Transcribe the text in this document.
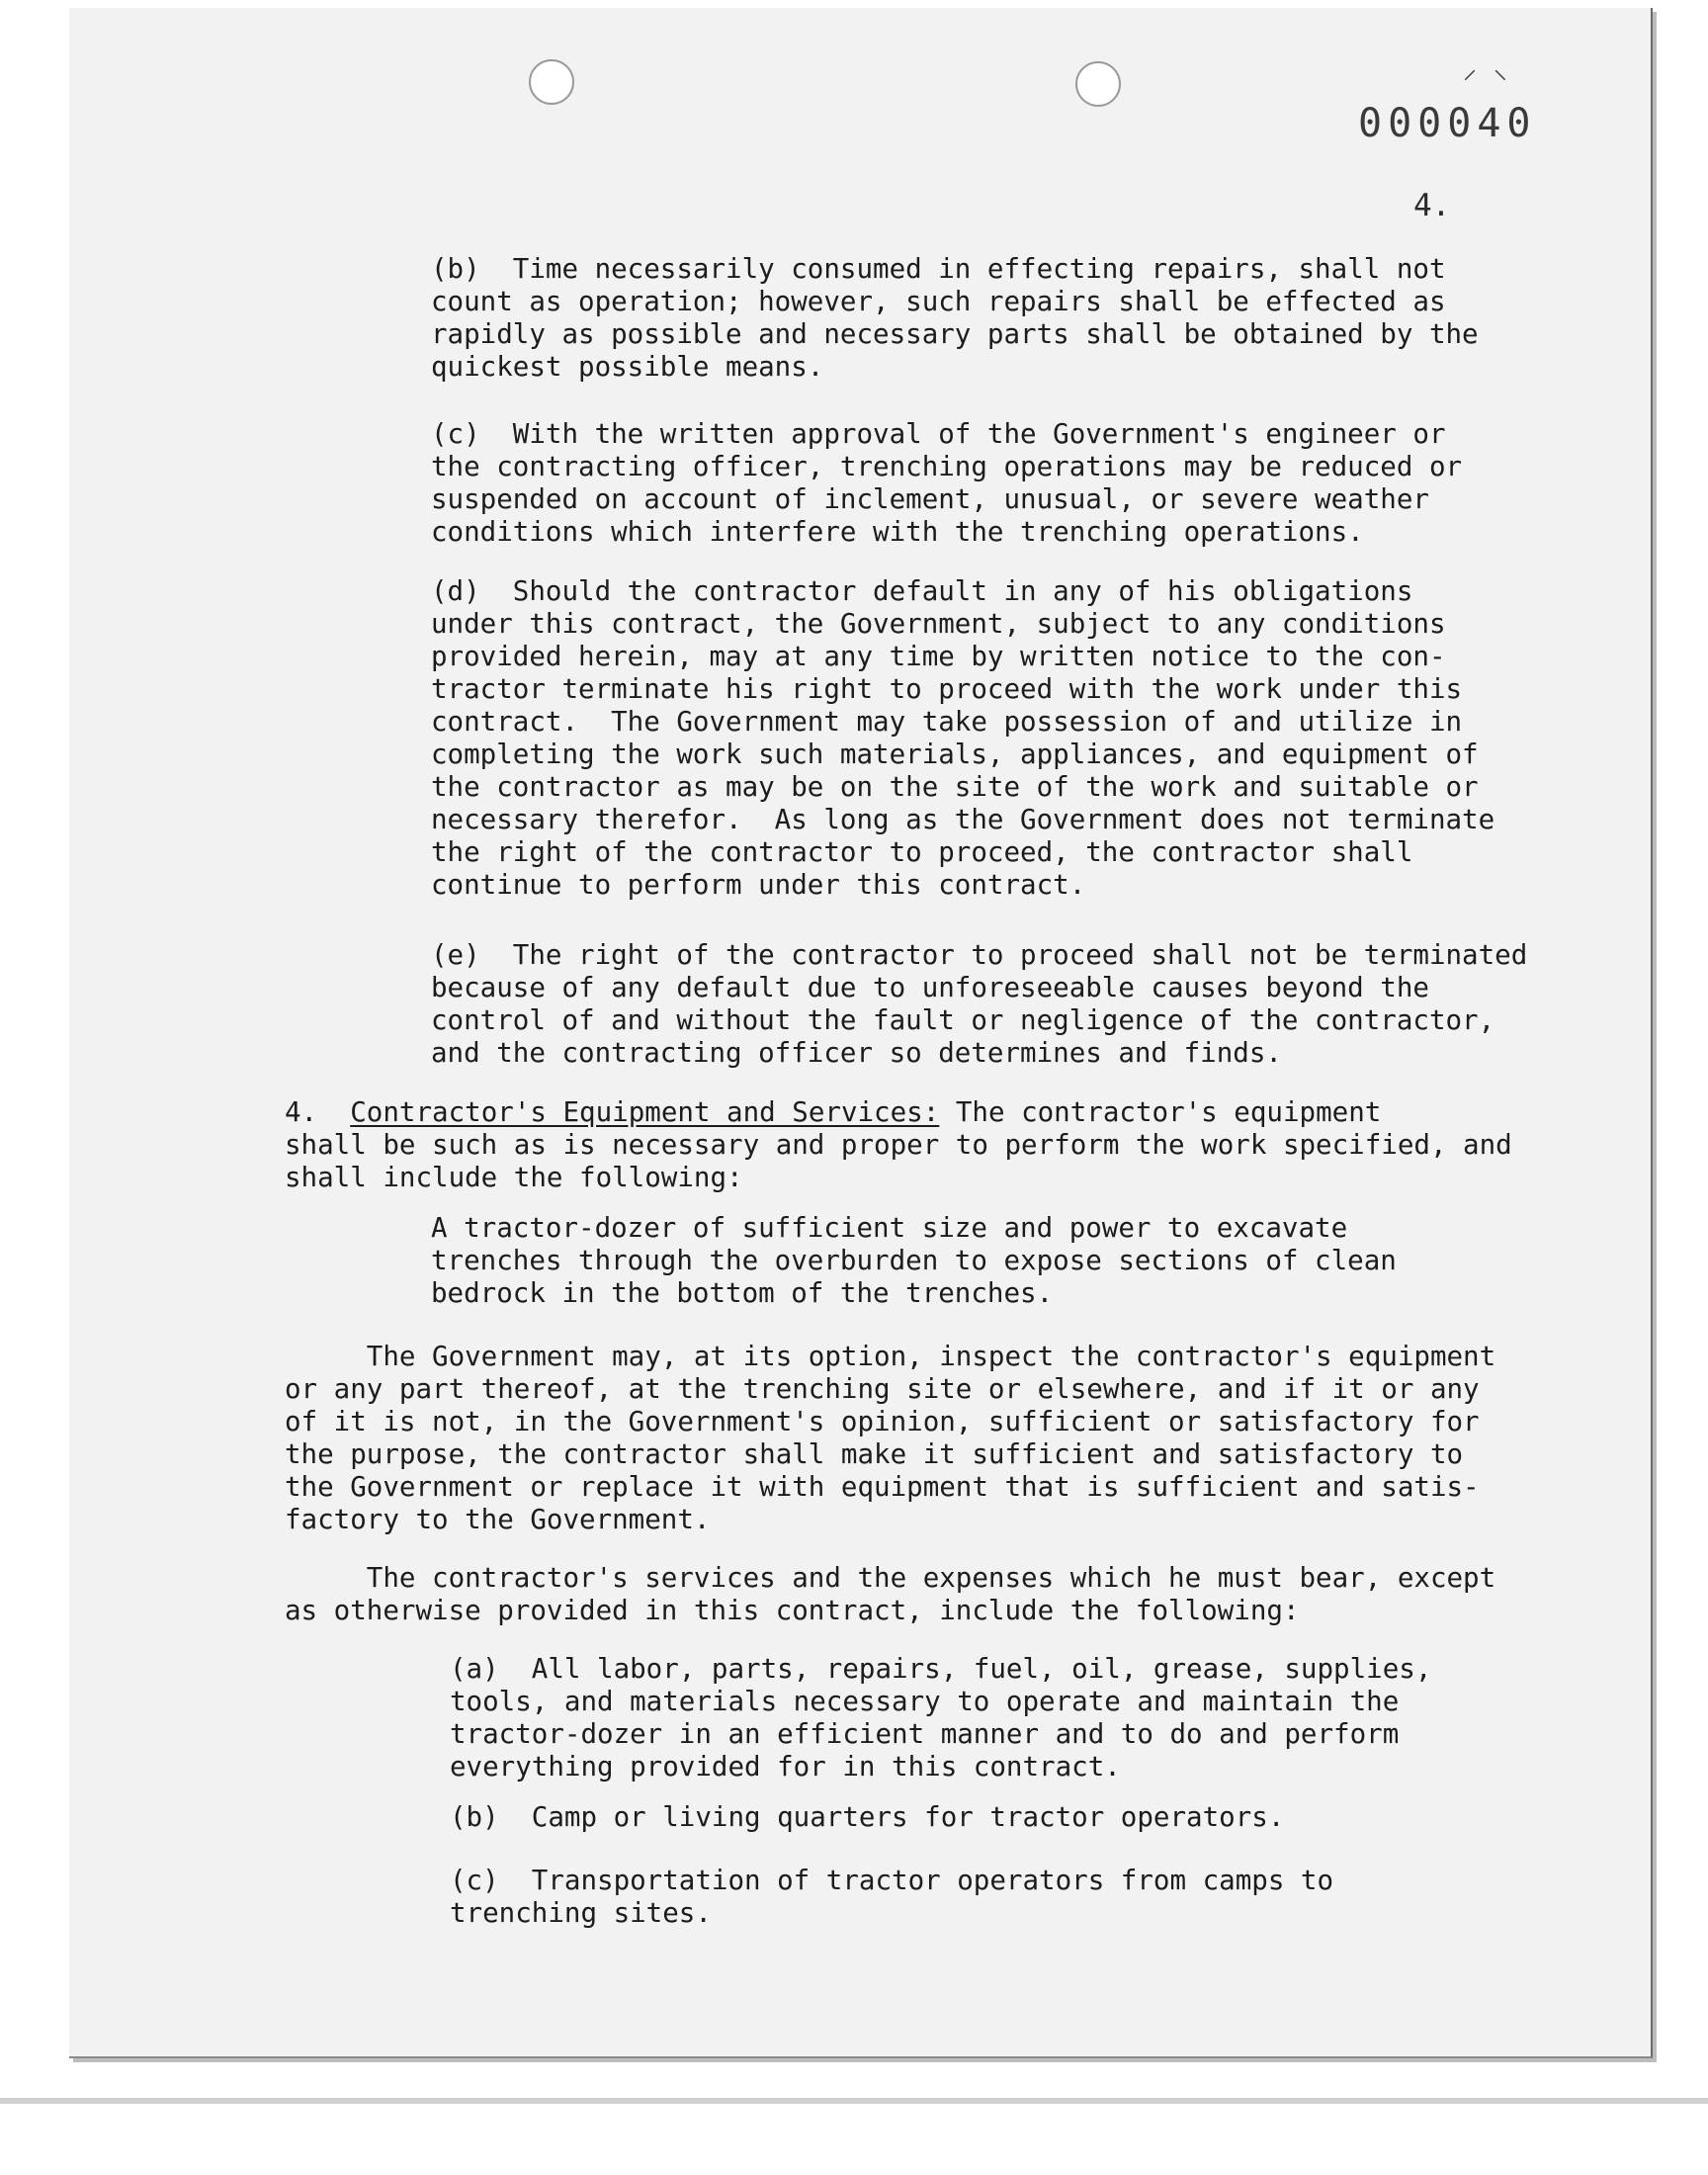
⸝ ⸜
000040
4.

(b)  Time necessarily consumed in effecting repairs, shall not

count as operation; however, such repairs shall be effected as

rapidly as possible and necessary parts shall be obtained by the

quickest possible means.

(c)  With the written approval of the Government's engineer or

the contracting officer, trenching operations may be reduced or

suspended on account of inclement, unusual, or severe weather

conditions which interfere with the trenching operations.

(d)  Should the contractor default in any of his obligations

under this contract, the Government, subject to any conditions

provided herein, may at any time by written notice to the con-

tractor terminate his right to proceed with the work under this

contract.  The Government may take possession of and utilize in

completing the work such materials, appliances, and equipment of

the contractor as may be on the site of the work and suitable or

necessary therefor.  As long as the Government does not terminate

the right of the contractor to proceed, the contractor shall

continue to perform under this contract.

(e)  The right of the contractor to proceed shall not be terminated

because of any default due to unforeseeable causes beyond the

control of and without the fault or negligence of the contractor,

and the contracting officer so determines and finds.

4. Contractor's Equipment and Services: The contractor's equipment

shall be such as is necessary and proper to perform the work specified, and

shall include the following:

A tractor-dozer of sufficient size and power to excavate

trenches through the overburden to expose sections of clean

bedrock in the bottom of the trenches.

The Government may, at its option, inspect the contractor's equipment

or any part thereof, at the trenching site or elsewhere, and if it or any

of it is not, in the Government's opinion, sufficient or satisfactory for

the purpose, the contractor shall make it sufficient and satisfactory to

the Government or replace it with equipment that is sufficient and satis-

factory to the Government.

The contractor's services and the expenses which he must bear, except

as otherwise provided in this contract, include the following:

(a)  All labor, parts, repairs, fuel, oil, grease, supplies,

tools, and materials necessary to operate and maintain the

tractor-dozer in an efficient manner and to do and perform

everything provided for in this contract.

(b)  Camp or living quarters for tractor operators.

(c)  Transportation of tractor operators from camps to

trenching sites.
